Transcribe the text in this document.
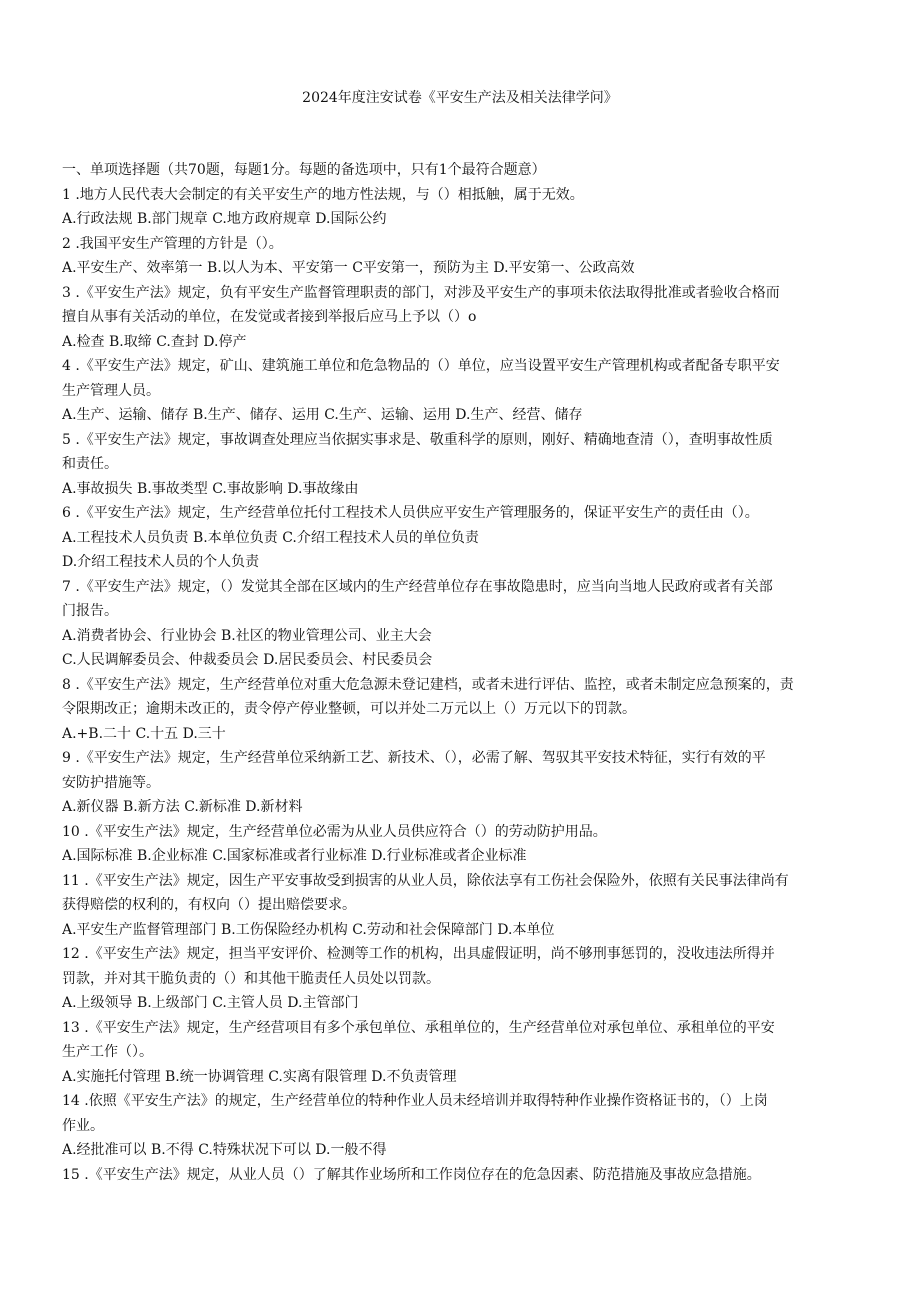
2024年度注安试卷《平安生产法及相关法律学问》
一、单项选择题（共70题，每题1分。每题的备选项中，只有1个最符合题意）
1 .地方人民代表大会制定的有关平安生产的地方性法规，与（）相抵触，属于无效。
A.行政法规 B.部门规章 C.地方政府规章 D.国际公约
2 .我国平安生产管理的方针是（）。
A.平安生产、效率第一 B.以人为本、平安第一 C平安第一，预防为主 D.平安第一、公政高效
3 .《平安生产法》规定，负有平安生产监督管理职责的部门，对涉及平安生产的事项未依法取得批准或者验收合格而
擅自从事有关活动的单位，在发觉或者接到举报后应马上予以（）o
A.检查 B.取缔 C.查封 D.停产
4 .《平安生产法》规定，矿山、建筑施工单位和危急物品的（）单位，应当设置平安生产管理机构或者配备专职平安
生产管理人员。
A.生产、运输、储存 B.生产、储存、运用 C.生产、运输、运用 D.生产、经营、储存
5 .《平安生产法》规定，事故调查处理应当依据实事求是、敬重科学的原则，刚好、精确地查清（），查明事故性质
和责任。
A.事故损失 B.事故类型 C.事故影响 D.事故缘由
6 .《平安生产法》规定，生产经营单位托付工程技术人员供应平安生产管理服务的，保证平安生产的责任由（）。
A.工程技术人员负责 B.本单位负责 C.介绍工程技术人员的单位负责
D.介绍工程技术人员的个人负责
7 .《平安生产法》规定，（）发觉其全部在区域内的生产经营单位存在事故隐患时，应当向当地人民政府或者有关部
门报告。
A.消费者协会、行业协会 B.社区的物业管理公司、业主大会
C.人民调解委员会、仲裁委员会 D.居民委员会、村民委员会
8 .《平安生产法》规定，生产经营单位对重大危急源未登记建档，或者未进行评估、监控，或者未制定应急预案的，责
令限期改正；逾期未改正的，责令停产停业整顿，可以并处二万元以上（）万元以下的罚款。
A.+B.二十 C.十五 D.三十
9 .《平安生产法》规定，生产经营单位采纳新工艺、新技术、（），必需了解、驾驭其平安技术特征，实行有效的平
安防护措施等。
A.新仪器 B.新方法 C.新标准 D.新材料
10 .《平安生产法》规定，生产经营单位必需为从业人员供应符合（）的劳动防护用品。
A.国际标准 B.企业标准 C.国家标准或者行业标准 D.行业标准或者企业标准
11 .《平安生产法》规定，因生产平安事故受到损害的从业人员，除依法享有工伤社会保险外，依照有关民事法律尚有
获得赔偿的权利的，有权向（）提出赔偿要求。
A.平安生产监督管理部门 B.工伤保险经办机构 C.劳动和社会保障部门 D.本单位
12 .《平安生产法》规定，担当平安评价、检测等工作的机构，出具虚假证明，尚不够刑事惩罚的，没收违法所得并
罚款，并对其干脆负责的（）和其他干脆责任人员处以罚款。
A.上级领导 B.上级部门 C.主管人员 D.主管部门
13 .《平安生产法》规定，生产经营项目有多个承包单位、承租单位的，生产经营单位对承包单位、承租单位的平安
生产工作（）。
A.实施托付管理 B.统一协调管理 C.实离有限管理 D.不负责管理
14 .依照《平安生产法》的规定，生产经营单位的特种作业人员未经培训并取得特种作业操作资格证书的，（）上岗
作业。
A.经批准可以 B.不得 C.特殊状况下可以 D.一般不得
15 .《平安生产法》规定，从业人员（）了解其作业场所和工作岗位存在的危急因素、防范措施及事故应急措施。
